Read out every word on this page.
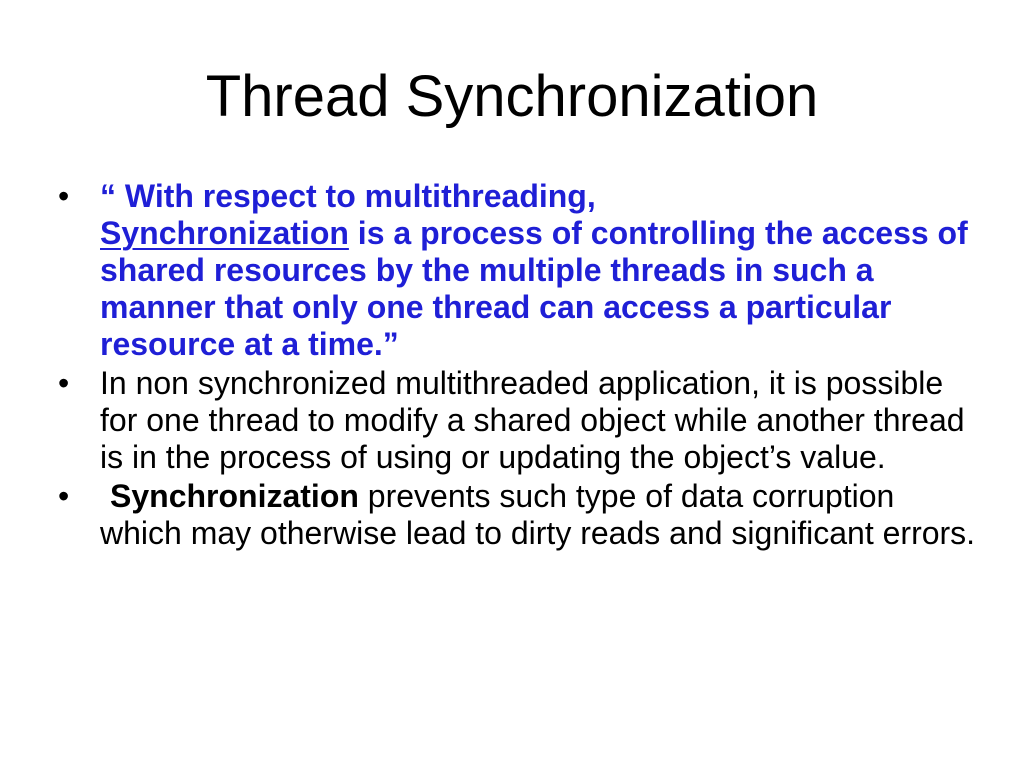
Thread Synchronization
• “ With respect to multithreading,
Synchronization is a process of controlling the access of shared resources by the multiple threads in such a manner that only one thread can access a particular resource at a time.”
• In non synchronized multithreaded application, it is possible for one thread to modify a shared object while another thread is in the process of using or updating the object’s value.
•	Synchronization prevents such type of data corruption which may otherwise lead to dirty reads and significant errors.
